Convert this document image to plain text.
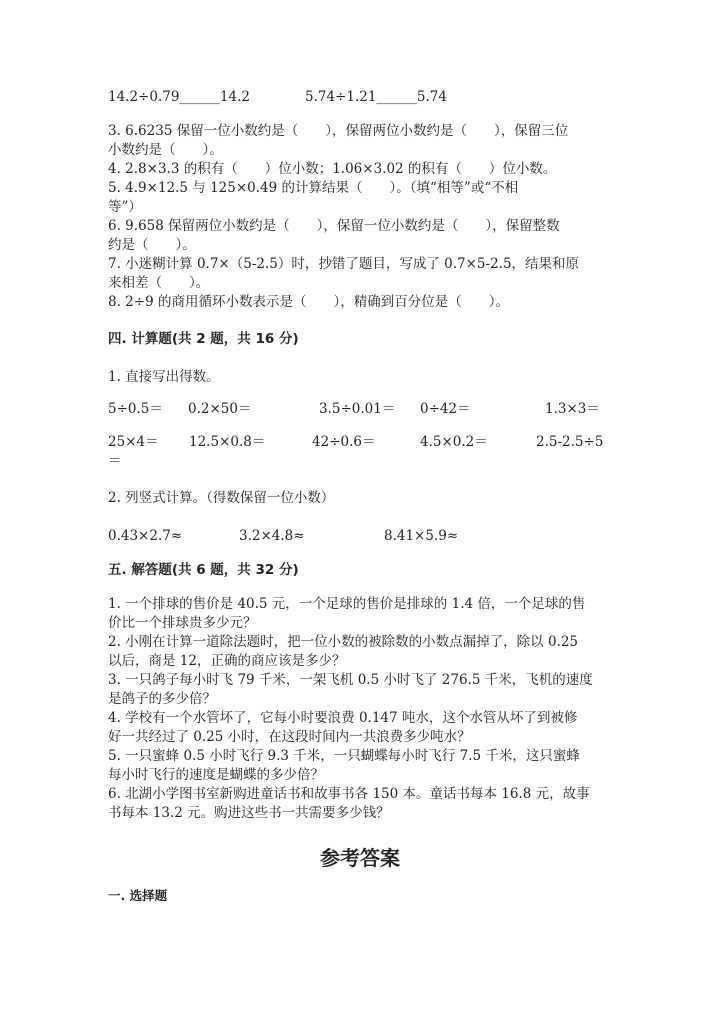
14.2÷0.79______14.2	5.74÷1.21______5.74
3. 6.6235 保留一位小数约是（　　），保留两位小数约是（　　），保留三位
小数约是（　　）。
4. 2.8×3.3 的积有（　　）位小数；1.06×3.02 的积有（　　）位小数。
5. 4.9×12.5 与 125×0.49 的计算结果（　　）。（填“相等”或“不相
等”）
6. 9.658 保留两位小数约是（　　），保留一位小数约是（　　），保留整数
约是（　　）。
7. 小迷糊计算 0.7×（5-2.5）时，抄错了题目，写成了 0.7×5-2.5，结果和原
来相差（　　）。
8. 2÷9 的商用循环小数表示是（　　），精确到百分位是（　　）。
四. 计算题(共 2 题，共 16 分)
1. 直接写出得数。
5÷0.5＝ 0.2×50＝	3.5÷0.01＝ 0÷42＝	1.3×3＝
25×4＝ 12.5×0.8＝	42÷0.6＝	4.5×0.2＝	2.5-2.5÷5
＝
2. 列竖式计算。（得数保留一位小数）
0.43×2.7≈	3.2×4.8≈	8.41×5.9≈
五. 解答题(共 6 题，共 32 分)
1. 一个排球的售价是 40.5 元，一个足球的售价是排球的 1.4 倍，一个足球的售
价比一个排球贵多少元？
2. 小刚在计算一道除法题时，把一位小数的被除数的小数点漏掉了，除以 0.25
以后，商是 12，正确的商应该是多少？
3. 一只鸽子每小时飞 79 千米，一架飞机 0.5 小时飞了 276.5 千米，飞机的速度
是鸽子的多少倍？
4. 学校有一个水管坏了，它每小时要浪费 0.147 吨水，这个水管从坏了到被修
好一共经过了 0.25 小时，在这段时间内一共浪费多少吨水？
5. 一只蜜蜂 0.5 小时飞行 9.3 千米，一只蝴蝶每小时飞行 7.5 千米，这只蜜蜂
每小时飞行的速度是蝴蝶的多少倍？
6. 北湖小学图书室新购进童话书和故事书各 150 本。童话书每本 16.8 元，故事
书每本 13.2 元。购进这些书一共需要多少钱？
参考答案
一. 选择题
